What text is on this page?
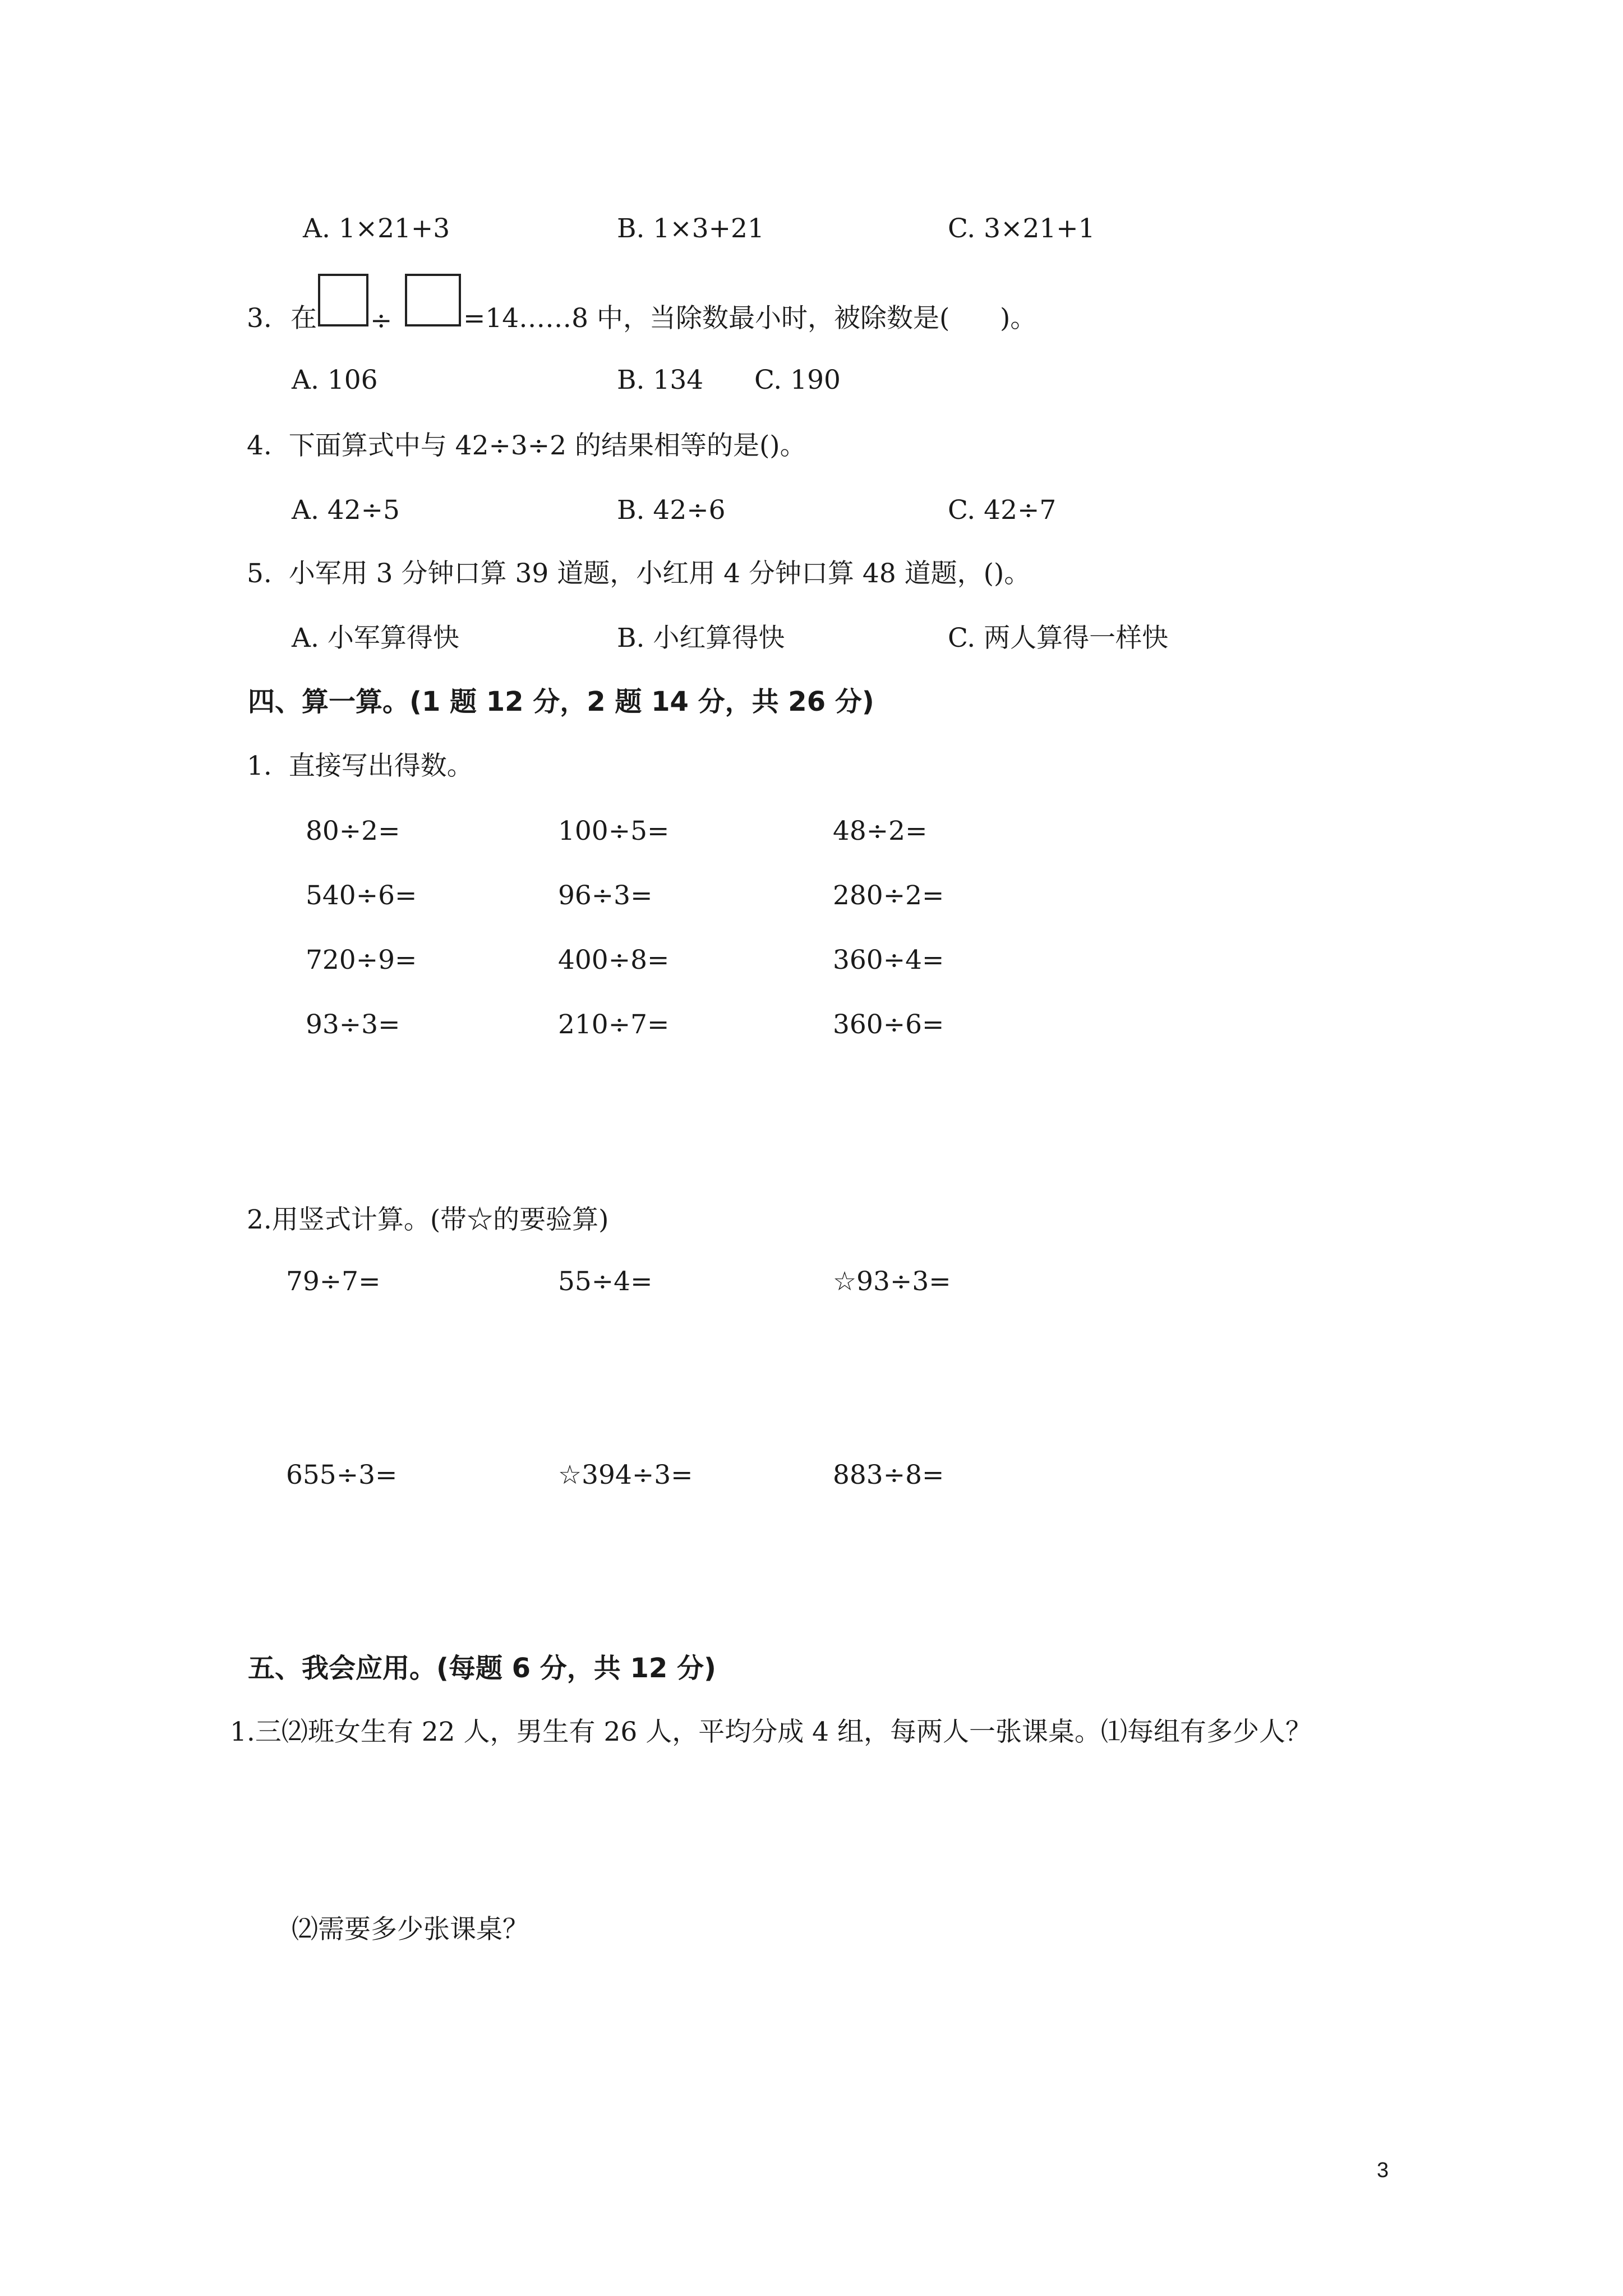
A. 1×21+3	B. 1×3+21	C. 3×21+1
3. 在 ÷	=14……8 中，当除数最小时，被除数是(      )。
A. 106	B. 134 C. 190
4.  下面算式中与 42÷3÷2 的结果相等的是()。
A. 42÷5	B. 42÷6	C. 42÷7
5.  小军用 3 分钟口算 39 道题，小红用 4 分钟口算 48 道题，()。
A. 小军算得快	B. 小红算得快	C. 两人算得一样快
四、算一算。(1 题 12 分，2 题 14 分，共 26 分)
1.  直接写出得数。
80÷2=	100÷5=	48÷2=
540÷6=	96÷3=	280÷2=
720÷9=	400÷8=	360÷4=
93÷3=	210÷7=	360÷6=
2.用竖式计算。(带☆的要验算)
79÷7=	55÷4=	☆93÷3=
655÷3=	☆394÷3=	883÷8=
五、我会应用。(每题 6 分，共 12 分)
1.三⑵班女生有 22 人，男生有 26 人，平均分成 4 组，每两人一张课桌。⑴每组有多少人？
⑵需要多少张课桌？
3
